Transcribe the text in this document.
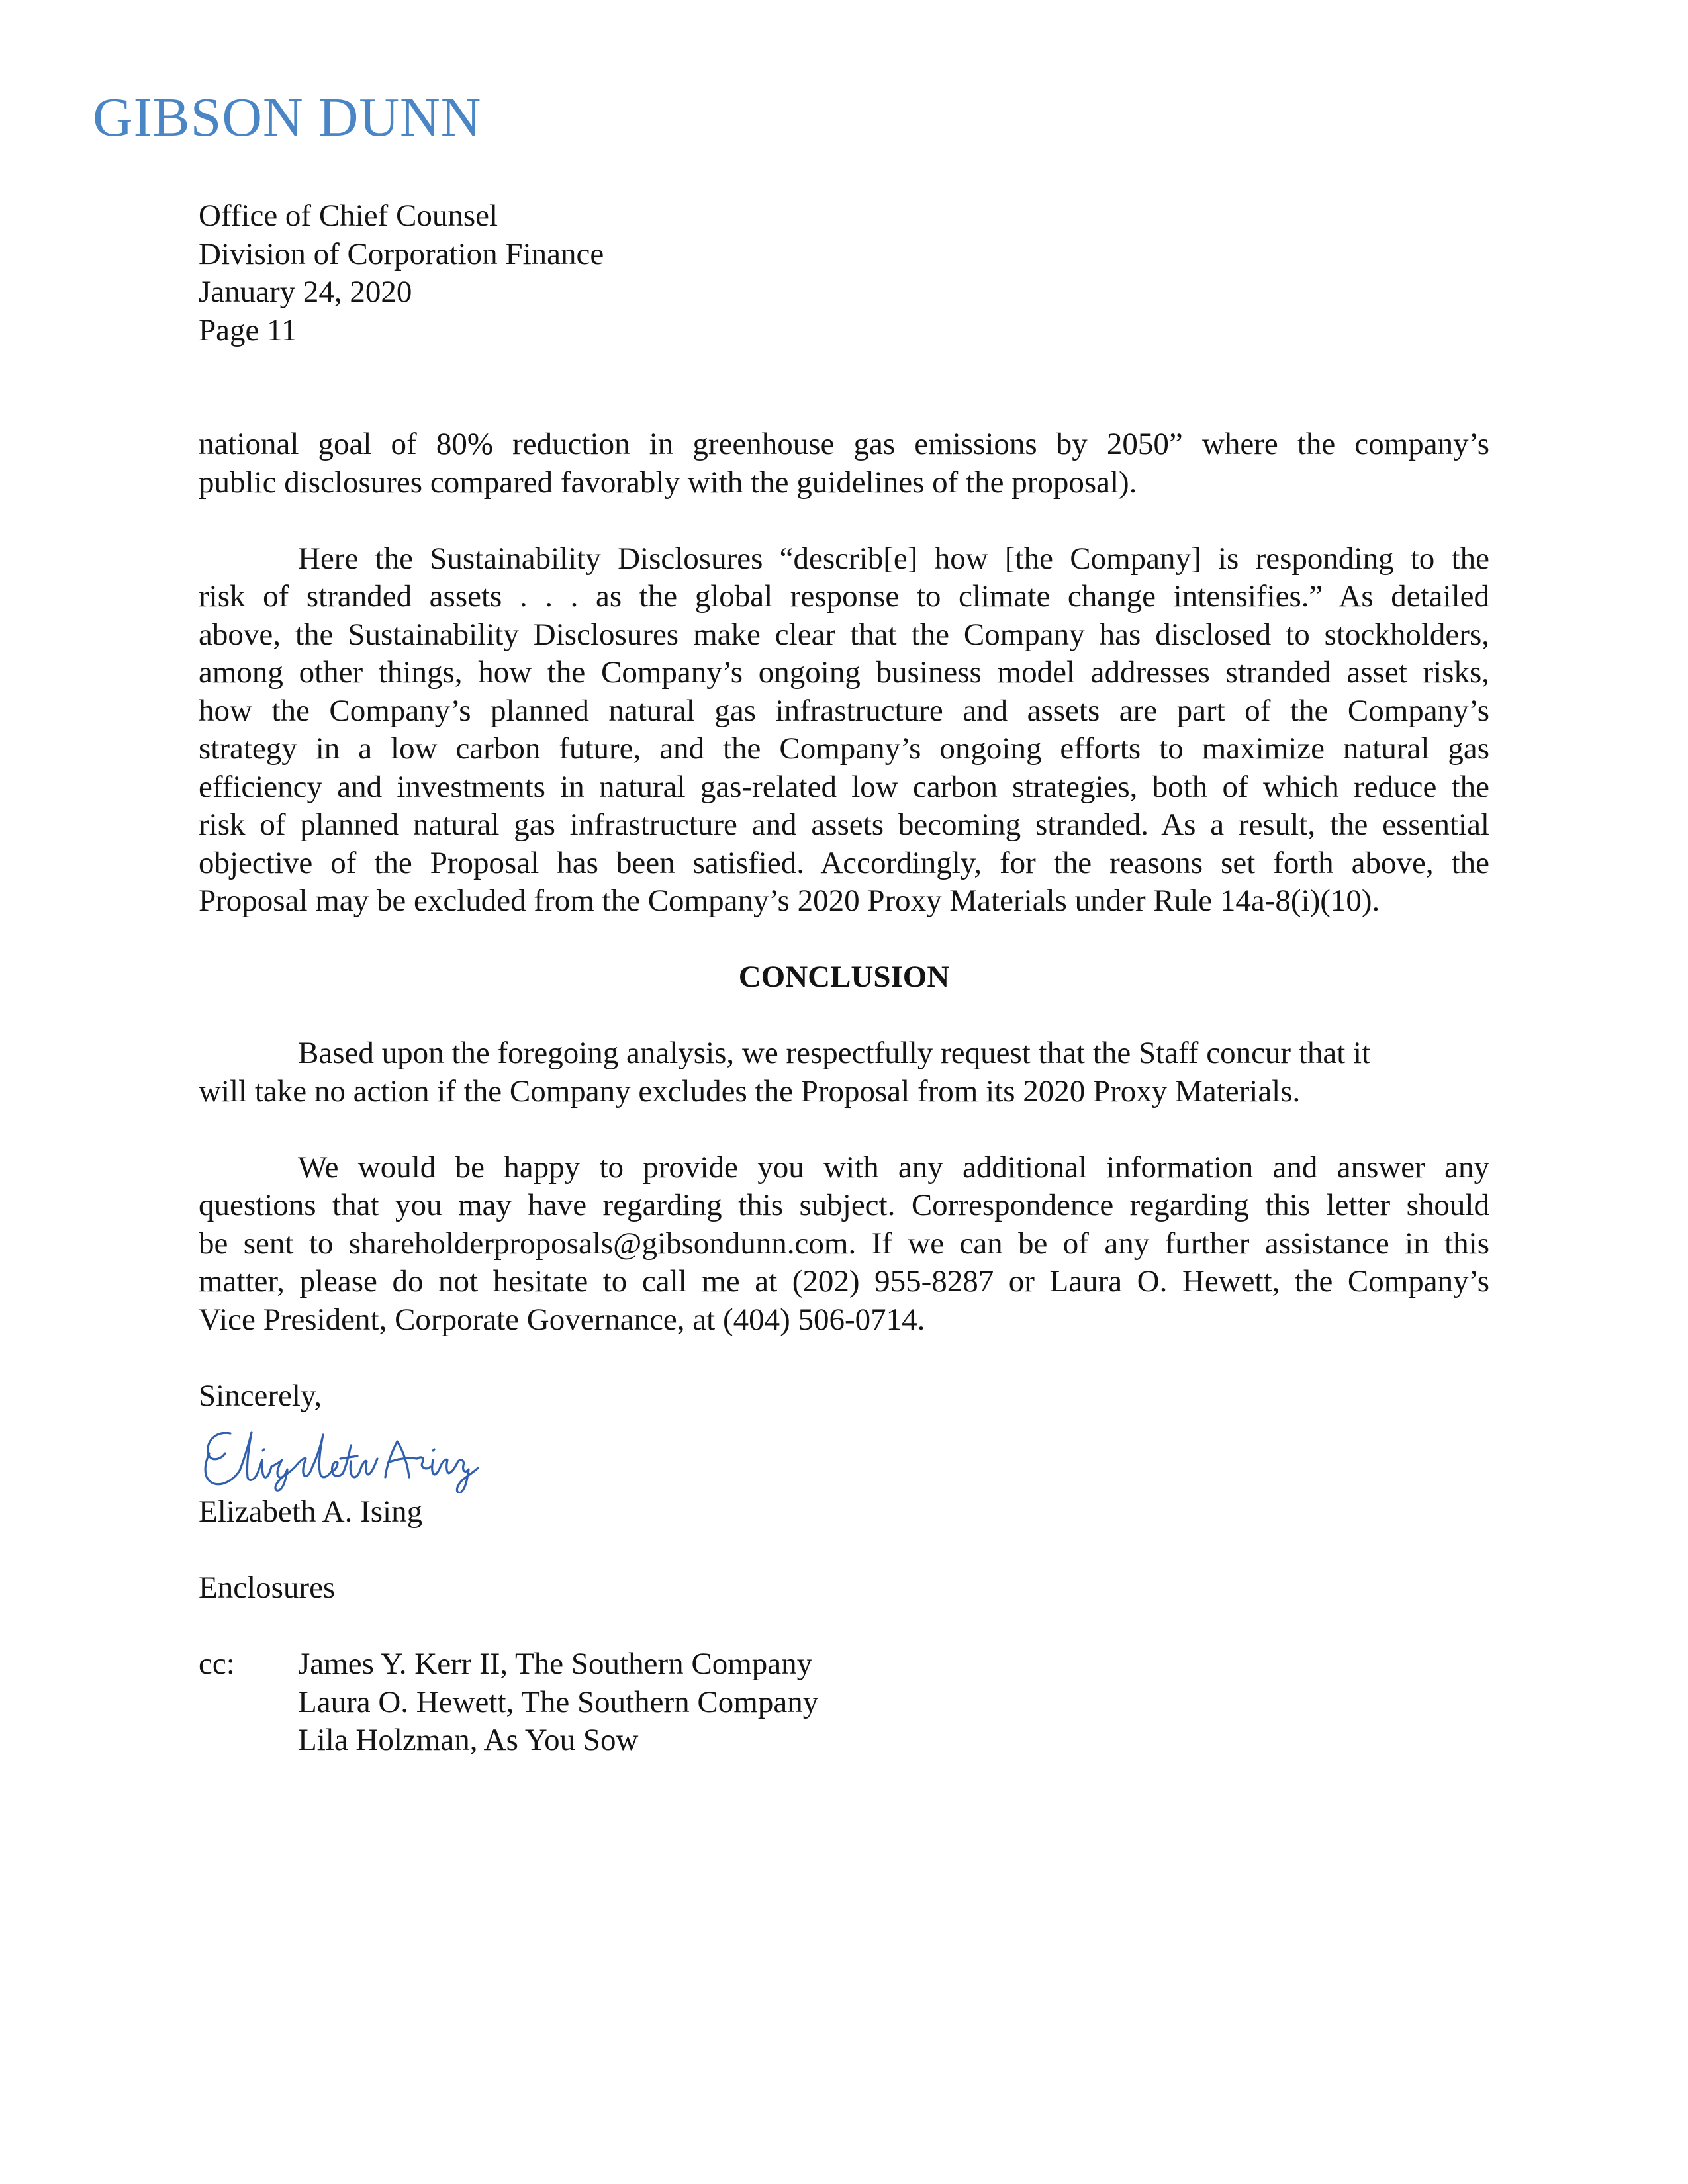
GIBSON DUNN
Office of Chief Counsel
Division of Corporation Finance
January 24, 2020
Page 11
national goal of 80% reduction in greenhouse gas emissions by 2050” where the company’s
public disclosures compared favorably with the guidelines of the proposal).
Here the Sustainability Disclosures “describ[e] how [the Company] is responding to the
risk of stranded assets . . . as the global response to climate change intensifies.” As detailed
above, the Sustainability Disclosures make clear that the Company has disclosed to stockholders,
among other things, how the Company’s ongoing business model addresses stranded asset risks,
how the Company’s planned natural gas infrastructure and assets are part of the Company’s
strategy in a low carbon future, and the Company’s ongoing efforts to maximize natural gas
efficiency and investments in natural gas-related low carbon strategies, both of which reduce the
risk of planned natural gas infrastructure and assets becoming stranded. As a result, the essential
objective of the Proposal has been satisfied. Accordingly, for the reasons set forth above, the
Proposal may be excluded from the Company’s 2020 Proxy Materials under Rule 14a-8(i)(10).
CONCLUSION
Based upon the foregoing analysis, we respectfully request that the Staff concur that it
will take no action if the Company excludes the Proposal from its 2020 Proxy Materials.
We would be happy to provide you with any additional information and answer any
questions that you may have regarding this subject. Correspondence regarding this letter should
be sent to shareholderproposals@gibsondunn.com. If we can be of any further assistance in this
matter, please do not hesitate to call me at (202) 955-8287 or Laura O. Hewett, the Company’s
Vice President, Corporate Governance, at (404) 506-0714.
Sincerely,
Elizabeth A. Ising
Enclosures
cc:	James Y. Kerr II, The Southern Company
Laura O. Hewett, The Southern Company
Lila Holzman, As You Sow
